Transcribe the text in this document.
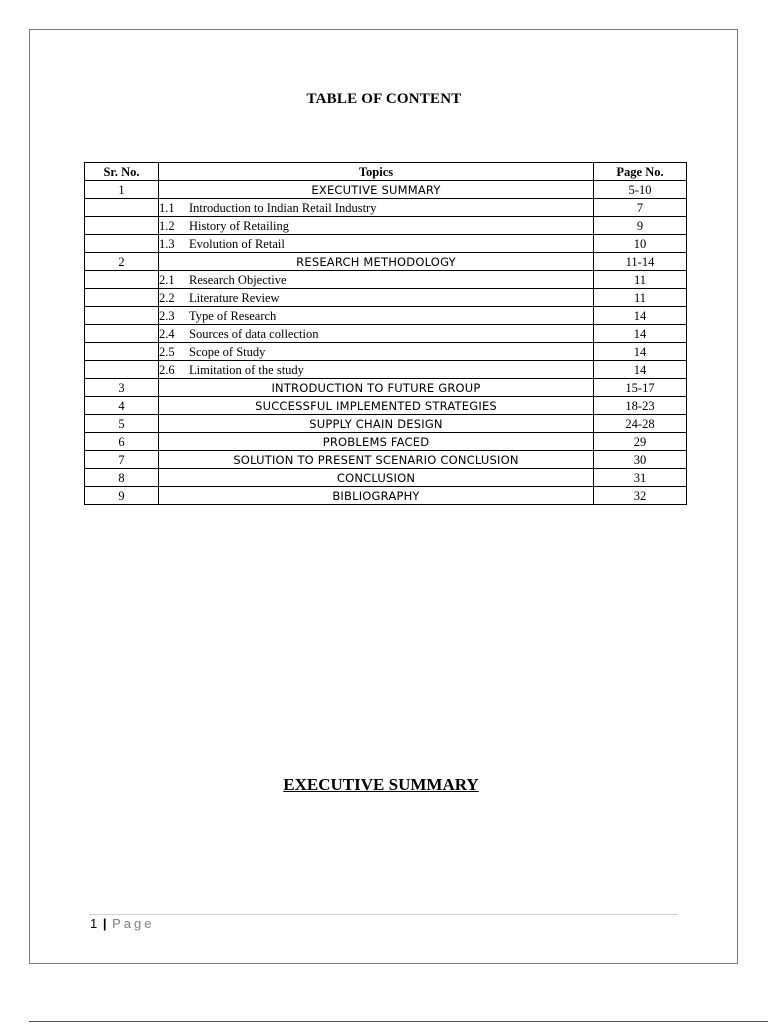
TABLE OF CONTENT
Sr. No.	Topics	Page No.
1	EXECUTIVE SUMMARY	5-10
	1.1 Introduction to Indian Retail Industry	7
	1.2 History of Retailing	9
	1.3 Evolution of Retail	10
2	RESEARCH METHODOLOGY	11-14
	2.1 Research Objective	11
	2.2 Literature Review	11
	2.3 Type of Research	14
	2.4 Sources of data collection	14
	2.5 Scope of Study	14
	2.6 Limitation of the study	14
3	INTRODUCTION TO FUTURE GROUP	15-17
4	SUCCESSFUL IMPLEMENTED STRATEGIES	18-23
5	SUPPLY CHAIN DESIGN	24-28
6	PROBLEMS FACED	29
7	SOLUTION TO PRESENT SCENARIO CONCLUSION	30
8	CONCLUSION	31
9	BIBLIOGRAPHY	32
EXECUTIVE SUMMARY
1 | Page
